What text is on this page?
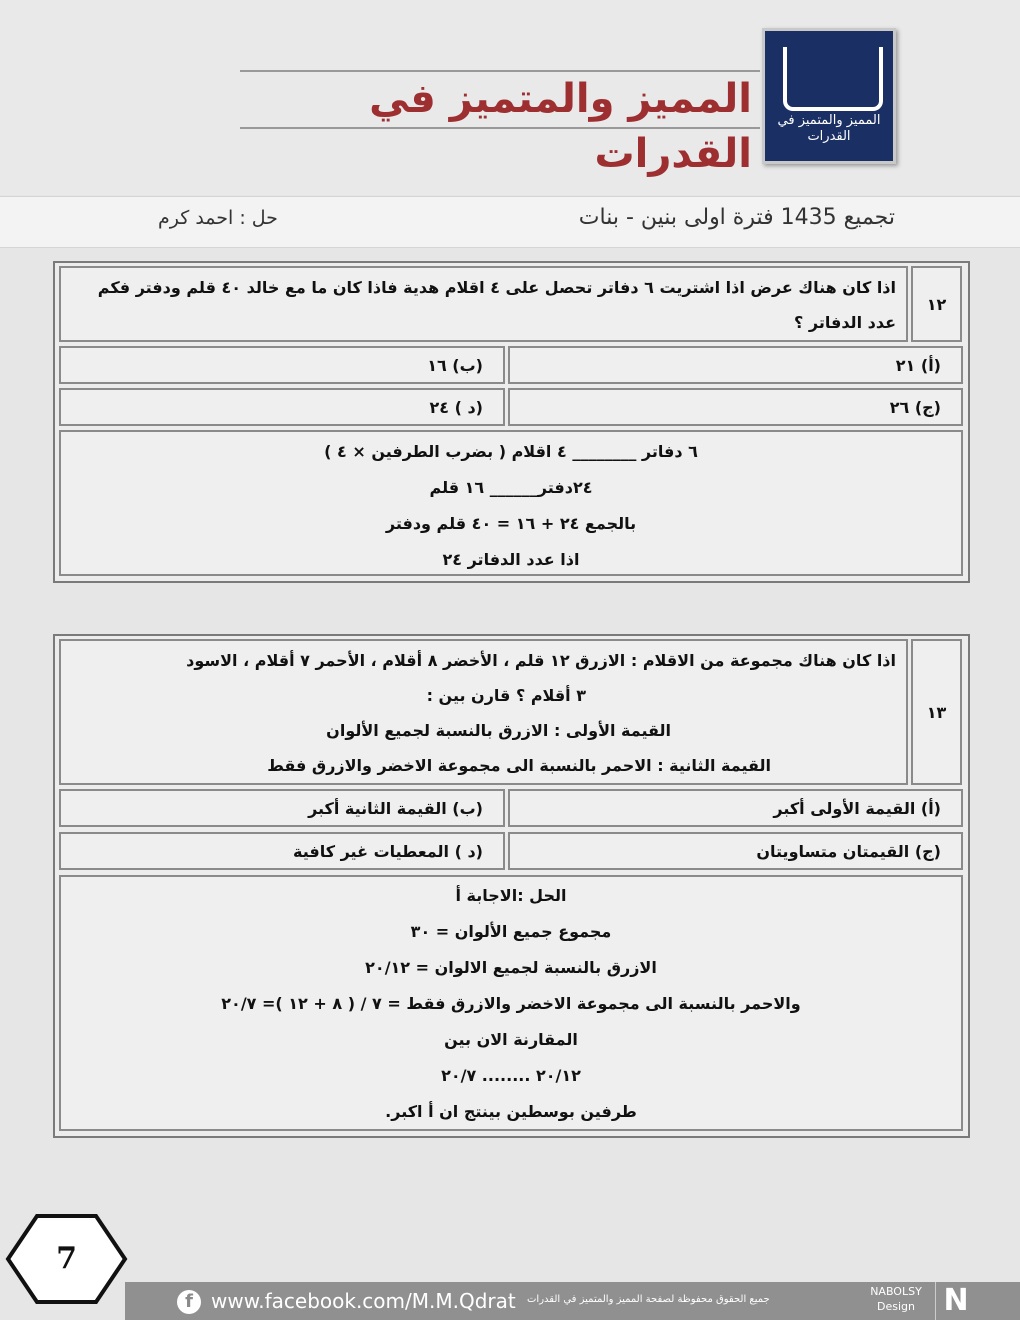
المميز والمتميز في القدرات
المميز والمتميز في القدرات
تجميع 1435 فترة اولى بنين - بنات
حل : احمد كرم
١٢
اذا كان هناك عرض اذا اشتريت ٦ دفاتر تحصل على ٤ اقلام هدية فاذا كان ما مع خالد ٤٠ قلم ودفتر فكم عدد الدفاتر ؟
(أ) ٢١
(ب) ١٦
(ج) ٢٦
(د ) ٢٤
٦ دفاتر ________ ٤ اقلام ( بضرب الطرفين × ٤ )
٢٤دفتر______ ١٦ قلم
بالجمع ٢٤ + ١٦ = ٤٠ قلم ودفتر
اذا عدد الدفاتر ٢٤
١٣
اذا كان هناك مجموعة من الاقلام : الازرق ١٢ قلم ، الأخضر ٨ أقلام ، الأحمر ٧ أقلام ، الاسود
٣ أقلام ؟ قارن بين :
القيمة الأولى : الازرق بالنسبة لجميع الألوان
القيمة الثانية : الاحمر بالنسبة الى مجموعة الاخضر والازرق فقط
(أ) القيمة الأولى أكبر
(ب) القيمة الثانية أكبر
(ج) القيمتان متساويتان
(د ) المعطيات غير كافية
الحل :الاجابة أ
مجموع جميع الألوان = ٣٠
الازرق بالنسبة لجميع الالوان = ٢٠/١٢
والاحمر بالنسبة الى مجموعة الاخضر والازرق فقط = ٧ / ( ٨ + ١٢ )= ٢٠/٧
المقارنة الان بين
٢٠/١٢ ........ ٢٠/٧
طرفين بوسطين بينتج ان أ اكبر.
7
f www.facebook.com/M.M.Qdrat جميع الحقوق محفوظة لصفحة المميز والمتميز في القدرات
NABOLSY
Design N
